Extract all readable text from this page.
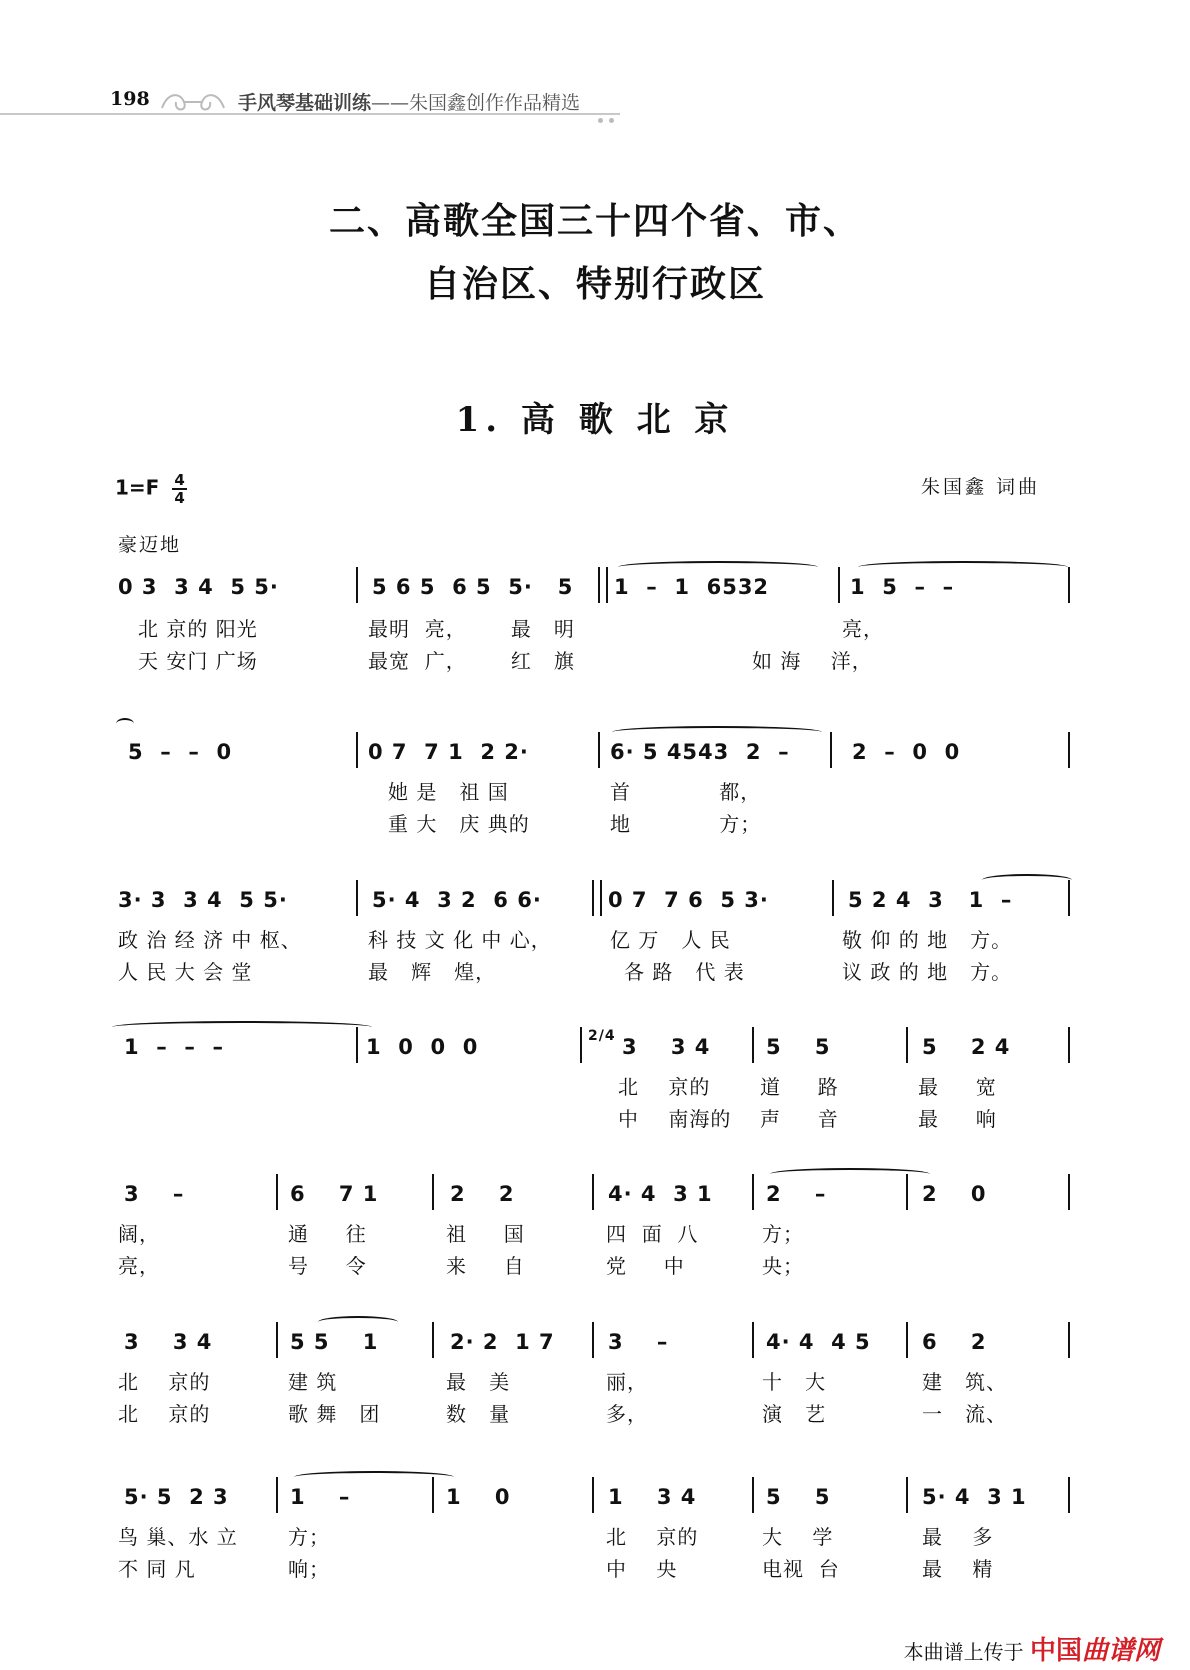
198	手风琴基础训练——朱国鑫创作作品精选
二、高歌全国三十四个省、市、
自治区、特别行政区
1. 高 歌 北 京
$1=F \frac{4}{4}$	朱国鑫 词曲
豪迈地
0 3  3 4  5 5·	5 6 5  6 5  5·   5 1  –  1  6532	1  5  –  –
北 京的 阳光	最明  亮，      最   明	亮，
天 安门 广场	最宽  广，      红   旗	如 海    洋，
5  –  –  0	0 7  7 1  2 2·	6· 5 4543  2  –	2  –  0  0
她 是   祖 国	首            都，
重 大   庆 典的	地            方；
3· 3  3 4  5 5·	5· 4  3 2  6 6·	0 7  7 6  5 3·	5 2 4  3   1  –
政 治 经 济 中 枢、	科 技 文 化 中 心，	亿 万   人 民	敬 仰 的 地   方。
人 民 大 会 堂	最   辉   煌，	各 路   代 表	议 政 的 地   方。
1  –  –  –	1  0  0  0	2/4 3    3 4	5    5	5    2 4
北    京的 道     路	最     宽
中    南海的 声     音	最     响
3    –	6    7 1	2    2	4· 4  3 1	2    –	2    0
阔，	通     往	祖     国	四  面  八	方；
亮，	号     令	来     自	党     中	央；
3    3 4	5 5    1	2· 2  1 7	3    –	4· 4  4 5 6    2
北    京的	建 筑	最   美	丽，	十   大	建   筑、
北    京的	歌 舞   团	数   量	多，	演   艺	一   流、
5· 5  2 3	1    –	1    0	1    3 4	5    5	5· 4  3 1
鸟 巢、水 立	方；	北    京的	大    学	最    多
不 同 凡	响；	中    央	电视  台	最    精
本曲谱上传于 中国曲谱网
